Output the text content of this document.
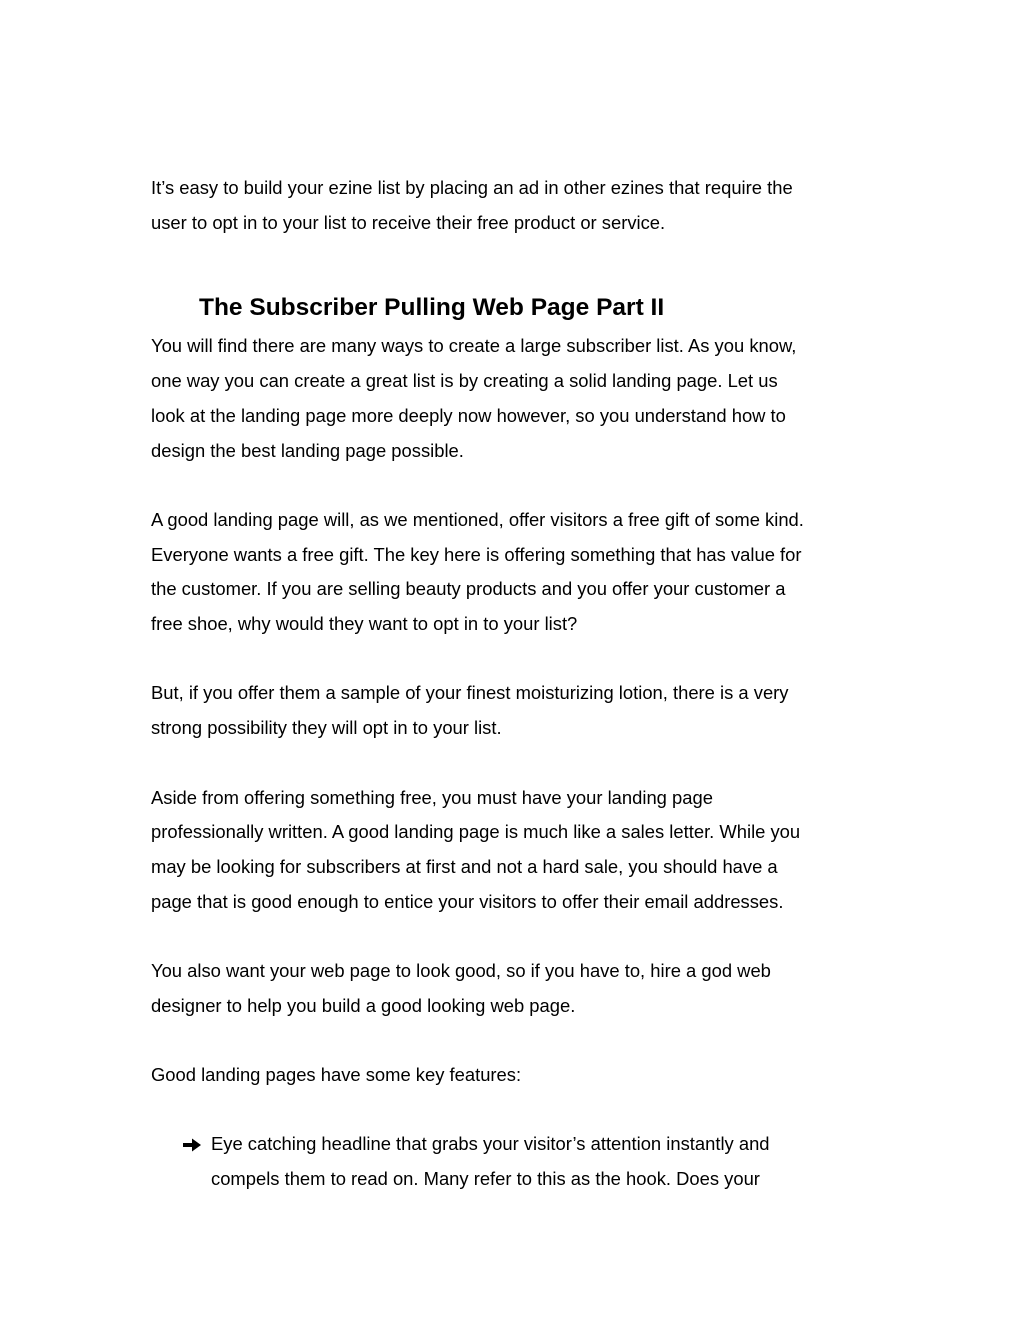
It’s easy to build your ezine list by placing an ad in other ezines that require the
user to opt in to your list to receive their free product or service.
The Subscriber Pulling Web Page Part II
You will find there are many ways to create a large subscriber list. As you know,
one way you can create a great list is by creating a solid landing page. Let us
look at the landing page more deeply now however, so you understand how to
design the best landing page possible.
A good landing page will, as we mentioned, offer visitors a free gift of some kind.
Everyone wants a free gift. The key here is offering something that has value for
the customer. If you are selling beauty products and you offer your customer a
free shoe, why would they want to opt in to your list?
But, if you offer them a sample of your finest moisturizing lotion, there is a very
strong possibility they will opt in to your list.
Aside from offering something free, you must have your landing page
professionally written. A good landing page is much like a sales letter. While you
may be looking for subscribers at first and not a hard sale, you should have a
page that is good enough to entice your visitors to offer their email addresses.
You also want your web page to look good, so if you have to, hire a god web
designer to help you build a good looking web page.
Good landing pages have some key features:
Eye catching headline that grabs your visitor’s attention instantly and
compels them to read on. Many refer to this as the hook. Does your
